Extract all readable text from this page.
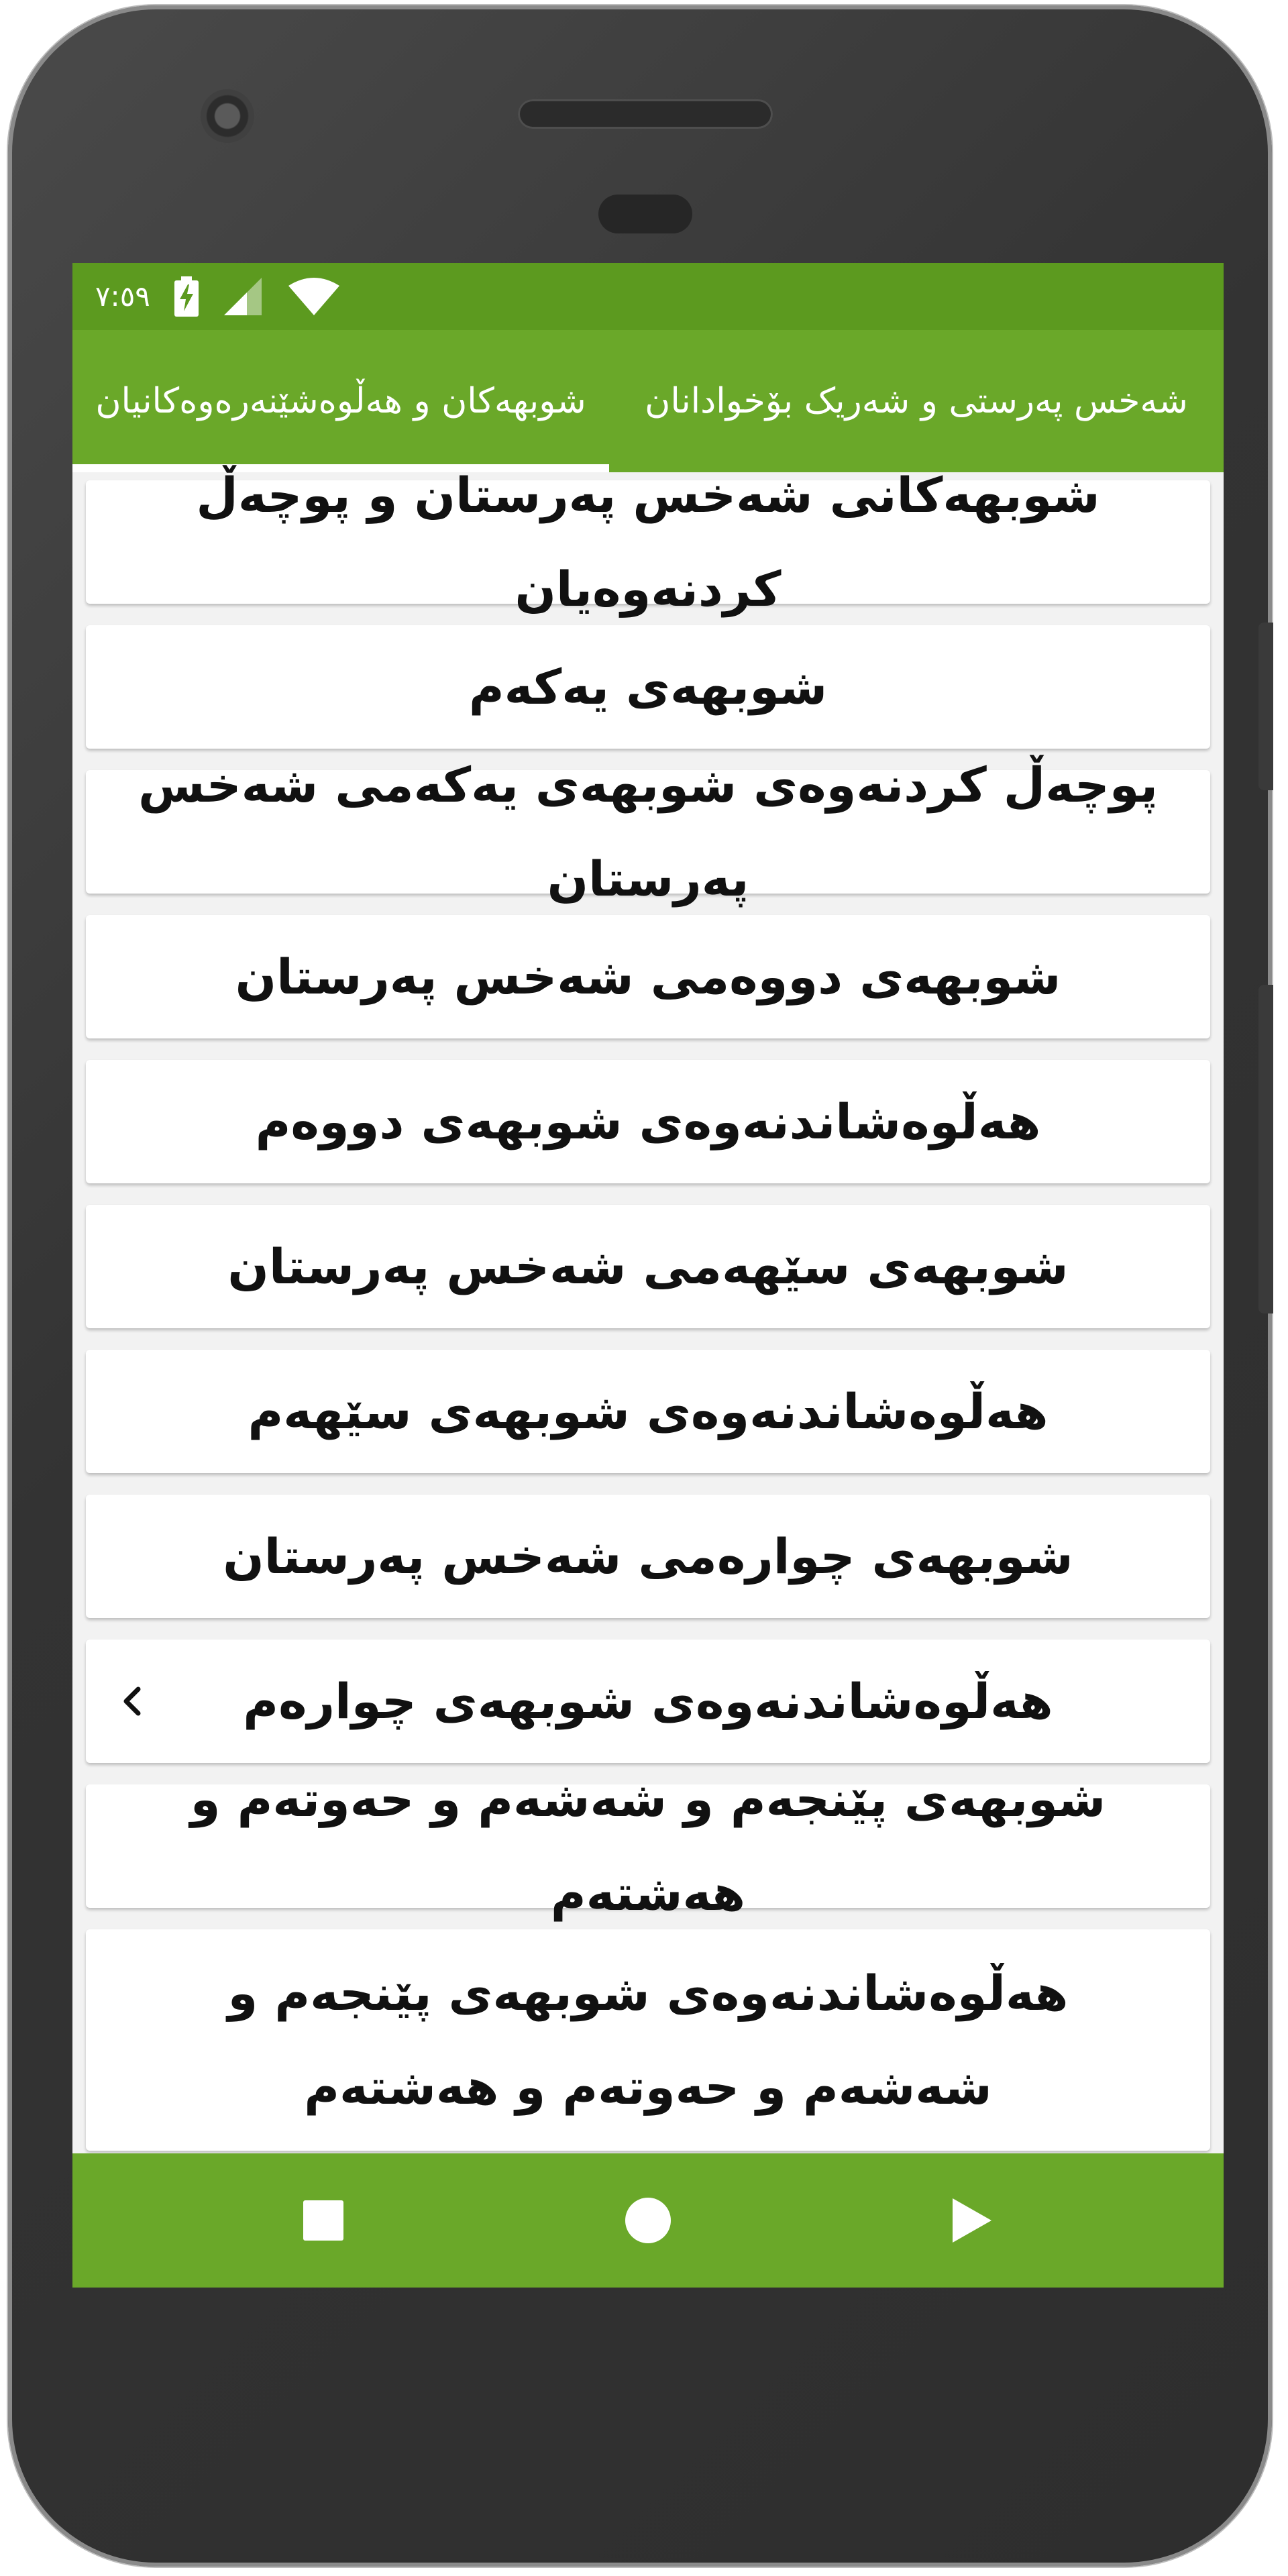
٧:٥٩
شوبهەکان و هەڵوەشێنەرەوەکانیان شەخس پەرستی و شەریک بۆخوادانان
شوبهەکانی شەخس پەرستان و پوچەڵ کردنەوەیان
شوبهەی یەکەم
پوچەڵ کردنەوەی شوبهەی یەکەمی شەخس پەرستان
شوبهەی دووەمی شەخس پەرستان
هەڵوەشاندنەوەی شوبهەی دووەم
شوبهەی سێهەمی شەخس پەرستان
هەڵوەشاندنەوەی شوبهەی سێهەم
شوبهەی چوارەمی شەخس پەرستان
هەڵوەشاندنەوەی شوبهەی چوارەم
شوبهەی پێنجەم و شەشەم و حەوتەم و هەشتەم
هەڵوەشاندنەوەی شوبهەی پێنجەم و شەشەم و حەوتەم و هەشتەم
